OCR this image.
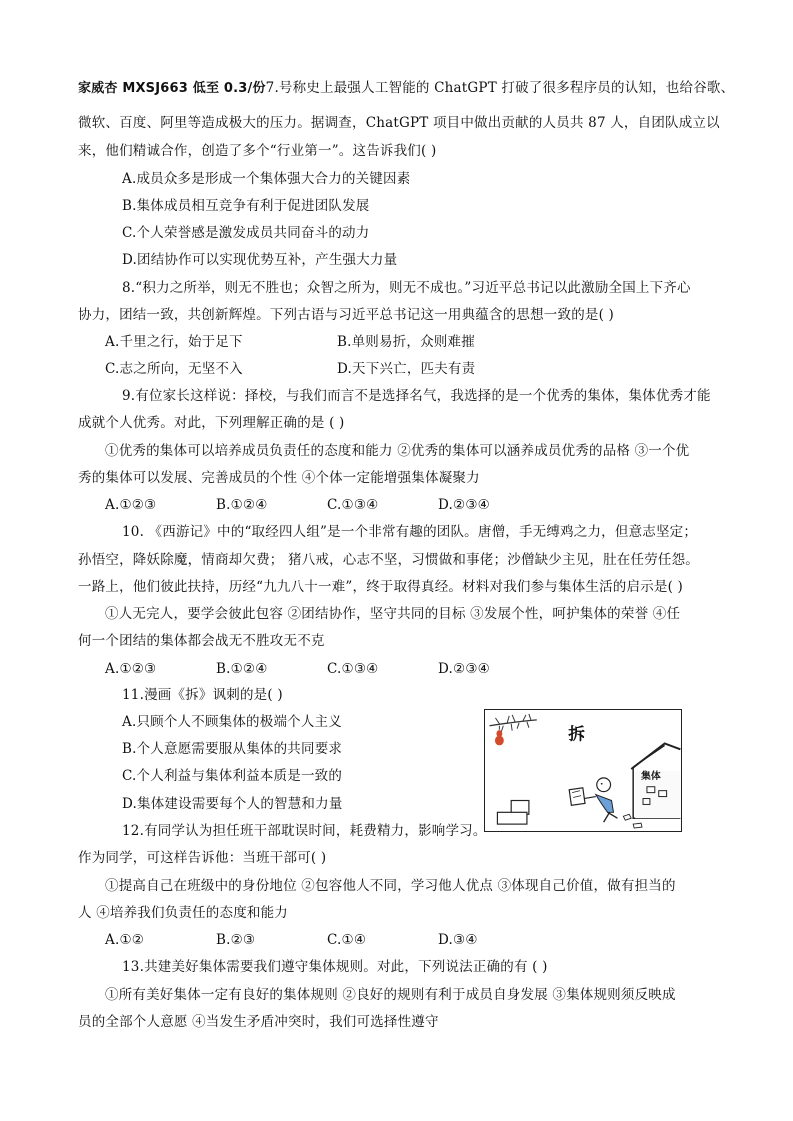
家威杏 MXSJ663 低至 0.3/份7.号称史上最强人工智能的 ChatGPT 打破了很多程序员的认知，也给谷歌、
微软、百度、阿里等造成极大的压力。据调查，ChatGPT 项目中做出贡献的人员共 87 人，自团队成立以
来，他们精诚合作，创造了多个“行业第一”。这告诉我们( )
A.成员众多是形成一个集体强大合力的关键因素
B.集体成员相互竞争有利于促进团队发展
C.个人荣誉感是激发成员共同奋斗的动力
D.团结协作可以实现优势互补，产生强大力量
8.“积力之所举，则无不胜也；众智之所为，则无不成也。”习近平总书记以此激励全国上下齐心
协力，团结一致，共创新辉煌。下列古语与习近平总书记这一用典蕴含的思想一致的是( )
A.千里之行，始于足下	B.单则易折，众则难摧
C.志之所向，无坚不入	D.天下兴亡，匹夫有责
9.有位家长这样说：择校，与我们而言不是选择名气，我选择的是一个优秀的集体，集体优秀才能
成就个人优秀。对此，下列理解正确的是 ( )
①优秀的集体可以培养成员负责任的态度和能力 ②优秀的集体可以涵养成员优秀的品格 ③一个优
秀的集体可以发展、完善成员的个性 ④个体一定能增强集体凝聚力
A.①②③	B.①②④	C.①③④	D.②③④
10. 《西游记》中的“取经四人组”是一个非常有趣的团队。唐僧，手无缚鸡之力，但意志坚定；
孙悟空，降妖除魔，情商却欠费； 猪八戒，心志不坚，习惯做和事佬；沙僧缺少主见，肚在任劳任怨。
一路上，他们彼此扶持，历经“九九八十一难”，终于取得真经。材料对我们参与集体生活的启示是( )
①人无完人，要学会彼此包容 ②团结协作，坚守共同的目标 ③发展个性，呵护集体的荣誉 ④任
何一个团结的集体都会战无不胜攻无不克
A.①②③	B.①②④	C.①③④	D.②③④
11.漫画《拆》讽刺的是( )
A.只顾个人不顾集体的极端个人主义
B.个人意愿需要服从集体的共同要求
C.个人利益与集体利益本质是一致的
D.集体建设需要每个人的智慧和力量
拆
集体
12.有同学认为担任班干部耽误时间，耗费精力，影响学习。
作为同学，可这样告诉他：当班干部可( )
①提高自己在班级中的身份地位 ②包容他人不同，学习他人优点 ③体现自己价值，做有担当的
人 ④培养我们负责任的态度和能力
A.①②	B.②③	C.①④	D.③④
13.共建美好集体需要我们遵守集体规则。对此，下列说法正确的有 ( )
①所有美好集体一定有良好的集体规则 ②良好的规则有利于成员自身发展 ③集体规则须反映成
员的全部个人意愿 ④当发生矛盾冲突时，我们可选择性遵守
